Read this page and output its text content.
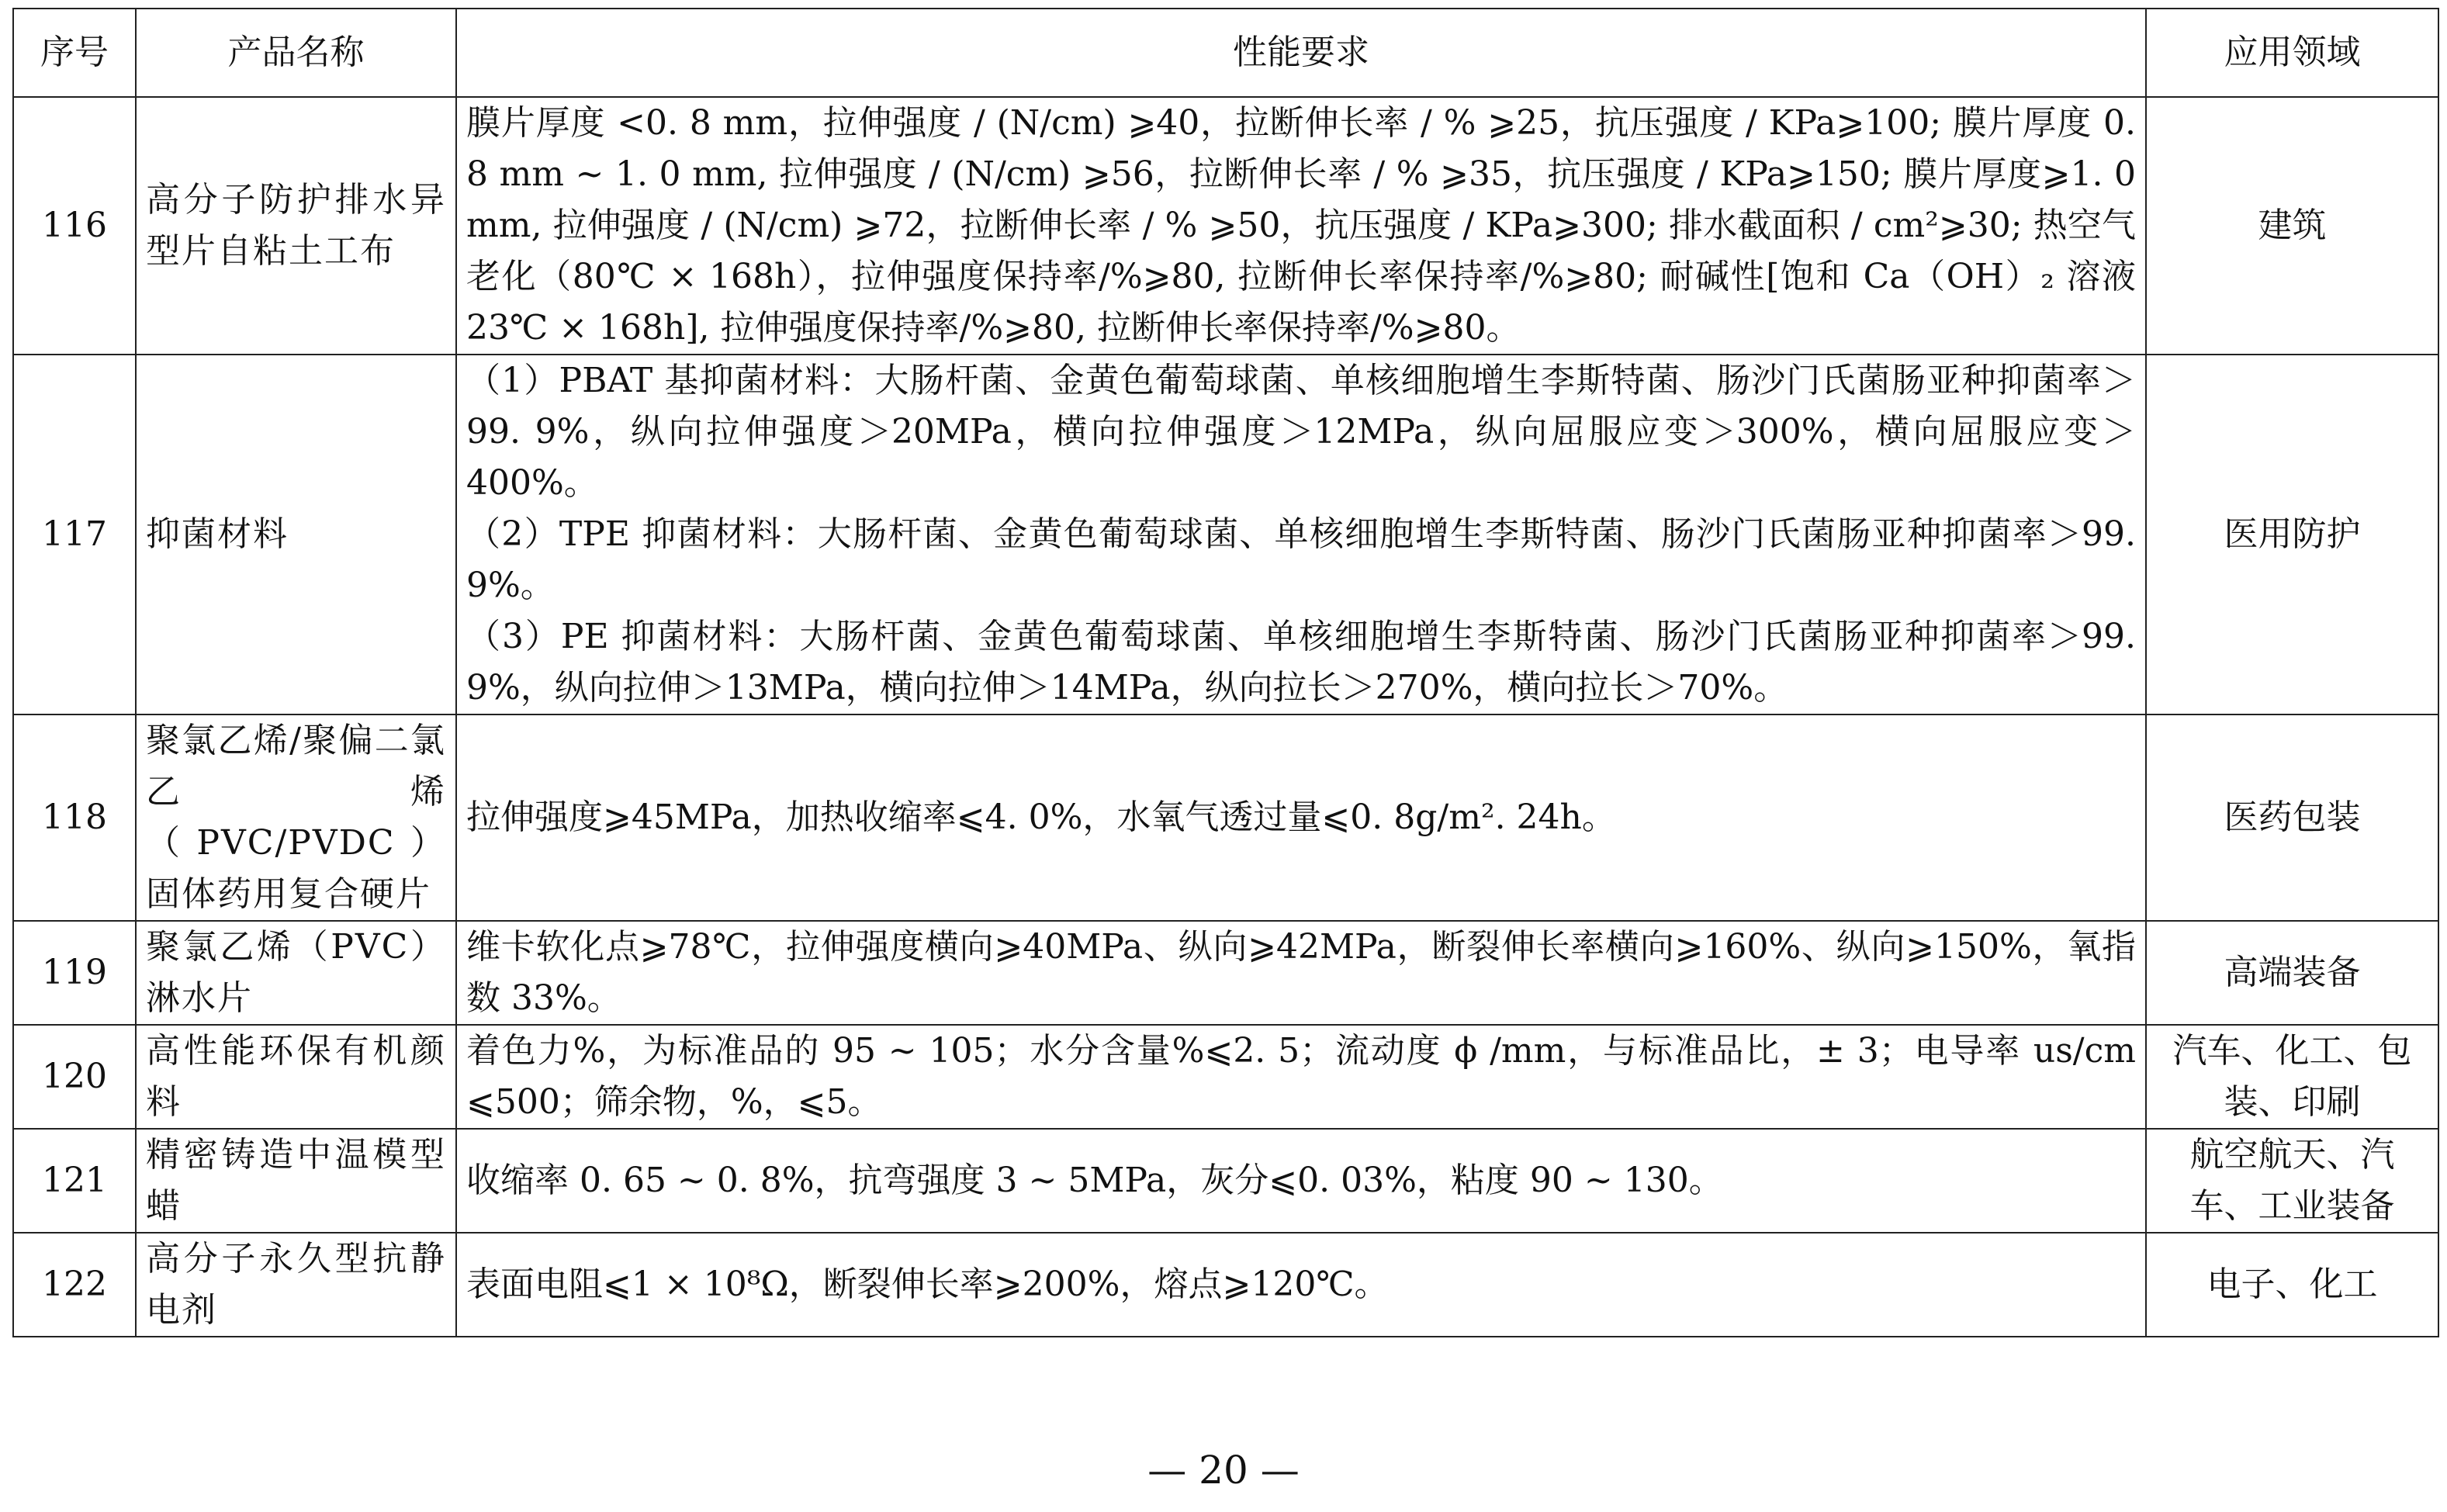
序号	产品名称	性能要求	应用领域
116	高分子防护排水异型片自粘土工布	膜片厚度 <0. 8 mm，拉伸强度 / (N/cm) ⩾40，拉断伸长率 / % ⩾25，抗压强度 / KPa⩾100; 膜片厚度 0. 8 mm ~ 1. 0 mm, 拉伸强度 / (N/cm) ⩾56，拉断伸长率 / % ⩾35，抗压强度 / KPa⩾150; 膜片厚度⩾1. 0 mm, 拉伸强度 / (N/cm) ⩾72，拉断伸长率 / % ⩾50，抗压强度 / KPa⩾300; 排水截面积 / cm²⩾30; 热空气老化（80℃ × 168h），拉伸强度保持率/%⩾80, 拉断伸长率保持率/%⩾80; 耐碱性[饱和 Ca（OH）₂ 溶液 23℃ × 168h], 拉伸强度保持率/%⩾80, 拉断伸长率保持率/%⩾80。	建筑
117	抑菌材料	（1）PBAT 基抑菌材料：大肠杆菌、金黄色葡萄球菌、单核细胞增生李斯特菌、肠沙门氏菌肠亚种抑菌率＞99. 9%，纵向拉伸强度＞20MPa，横向拉伸强度＞12MPa，纵向屈服应变＞300%，横向屈服应变＞400%。

（2）TPE 抑菌材料：大肠杆菌、金黄色葡萄球菌、单核细胞增生李斯特菌、肠沙门氏菌肠亚种抑菌率＞99. 9%。

（3）PE 抑菌材料：大肠杆菌、金黄色葡萄球菌、单核细胞增生李斯特菌、肠沙门氏菌肠亚种抑菌率＞99. 9%，纵向拉伸＞13MPa，横向拉伸＞14MPa，纵向拉长＞270%，横向拉长＞70%。	医用防护
118	聚氯乙烯/聚偏二氯乙烯（PVC/PVDC）固体药用复合硬片	拉伸强度⩾45MPa，加热收缩率⩽4. 0%，水氧气透过量⩽0. 8g/m². 24h。	医药包装
119	聚氯乙烯（PVC）淋水片	维卡软化点⩾78℃，拉伸强度横向⩾40MPa、纵向⩾42MPa，断裂伸长率横向⩾160%、纵向⩾150%，氧指数 33%。	高端装备
120	高性能环保有机颜料	着色力%，为标准品的 95 ~ 105；水分含量%⩽2. 5；流动度 ϕ /mm，与标准品比，± 3；电导率 us/cm ⩽500；筛余物，%，⩽5。	汽车、化工、包装、印刷
121	精密铸造中温模型蜡	收缩率 0. 65 ~ 0. 8%，抗弯强度 3 ~ 5MPa，灰分⩽0. 03%，粘度 90 ~ 130。	航空航天、汽车、工业装备
122	高分子永久型抗静电剂	表面电阻⩽1 × 10⁸Ω，断裂伸长率⩾200%，熔点⩾120℃。	电子、化工
— 20 —
